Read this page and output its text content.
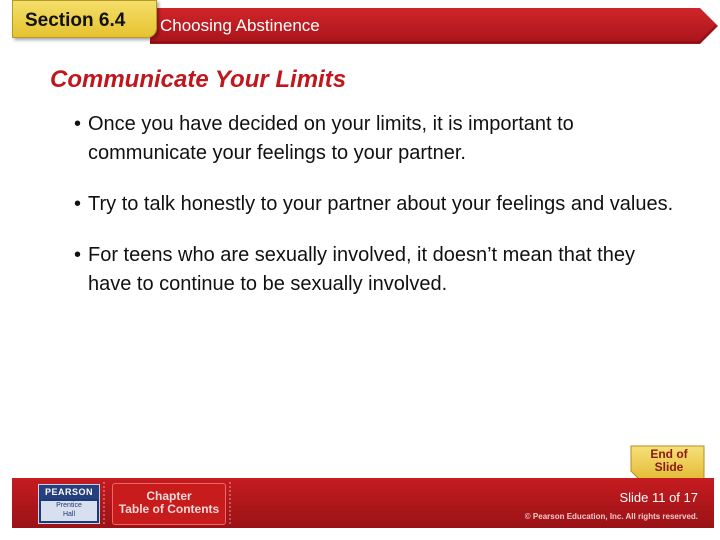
Section 6.4 Choosing Abstinence
Communicate Your Limits
• Once you have decided on your limits, it is important to communicate your feelings to your partner.
• Try to talk honestly to your partner about your feelings and values.
• For teens who are sexually involved, it doesn’t mean that they have to continue to be sexually involved.
End of
Slide
PEARSON
Prentice
Hall
Chapter
Table of Contents
Slide 11 of 17
© Pearson Education, Inc. All rights reserved.
